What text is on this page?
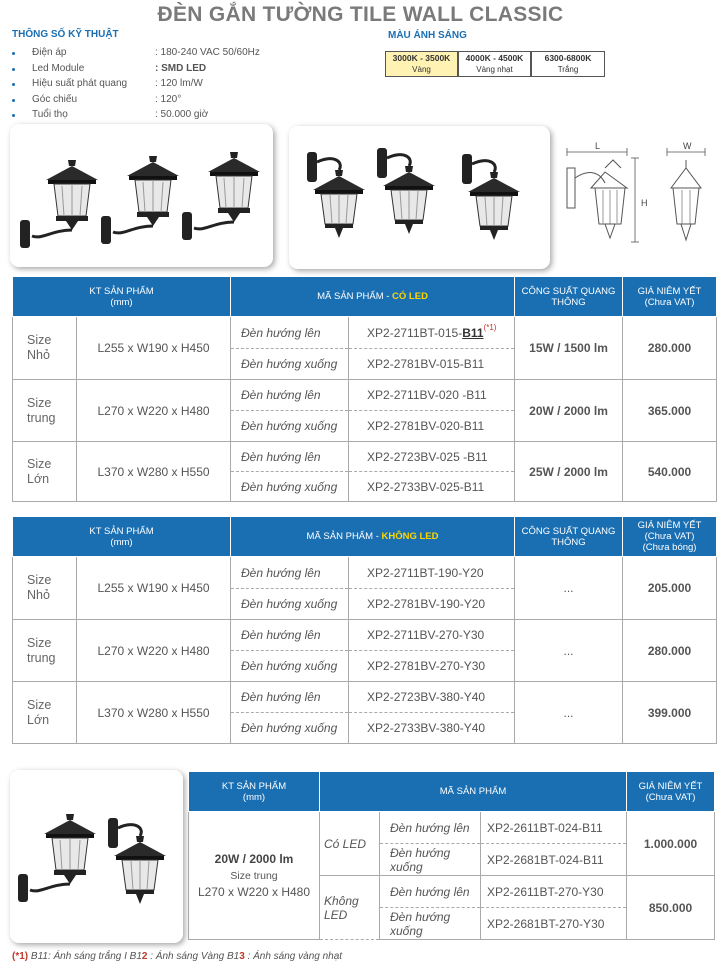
ĐÈN GẮN TƯỜNG TILE WALL CLASSIC
THÔNG SỐ KỸ THUẬT
Điện áp	: 180-240 VAC 50/60Hz
Led Module	: SMD LED
Hiệu suất phát quang	: 120 lm/W
Góc chiếu	: 120°
Tuổi thọ	: 50.000 giờ
MÀU ÁNH SÁNG
3000K - 3500K
Vàng
4000K - 4500K
Vàng nhạt
6300-6800K
Trắng
L
H
W
KT SẢN PHẨM
(mm)		MÃ SẢN PHẨM - CÓ LED		CÔNG SUẤT QUANG THÔNG	GIÁ NIÊM YẾT
(Chưa VAT)
Size Nhỏ	L255 x W190 x H450	Đèn hướng lên	$XP2-2711BT-015-B11^{(*1)}$	15W / 1500 lm	280.000
		Đèn hướng xuống	XP2-2781BV-015-B11		
Size trung	L270 x W220 x H480	Đèn hướng lên	XP2-2711BV-020 -B11	20W / 2000 lm	365.000
		Đèn hướng xuống	XP2-2781BV-020-B11		
Size Lớn	L370 x W280 x H550	Đèn hướng lên	XP2-2723BV-025 -B11	25W / 2000 lm	540.000
		Đèn hướng xuống	XP2-2733BV-025-B11		
KT SẢN PHẨM
(mm)		MÃ SẢN PHẨM - KHÔNG LED		CÔNG SUẤT QUANG THÔNG	GIÁ NIÊM YẾT
(Chưa VAT)
(Chưa bóng)
Size Nhỏ	L255 x W190 x H450	Đèn hướng lên	XP2-2711BT-190-Y20	...	205.000
		Đèn hướng xuống	XP2-2781BV-190-Y20		
Size trung	L270 x W220 x H480	Đèn hướng lên	XP2-2711BV-270-Y30	...	280.000
		Đèn hướng xuống	XP2-2781BV-270-Y30		
Size Lớn	L370 x W280 x H550	Đèn hướng lên	XP2-2723BV-380-Y40	...	399.000
		Đèn hướng xuống	XP2-2733BV-380-Y40		
KT SẢN PHẨM
(mm)	MÃ SẢN PHẨM			GIÁ NIÊM YẾT
(Chưa VAT)
20W / 2000 lm
Size trung
L270 x W220 x H480	Có LED	Đèn hướng lên	XP2-2611BT-024-B11	1.000.000
		Đèn hướng xuống	XP2-2681BT-024-B11	
	Không LED	Đèn hướng lên	XP2-2611BT-270-Y30	850.000
		Đèn hướng xuống	XP2-2681BT-270-Y30	
(*1) B11: Ánh sáng trắng I B12 : Ánh sáng Vàng B13 : Ánh sáng vàng nhạt
